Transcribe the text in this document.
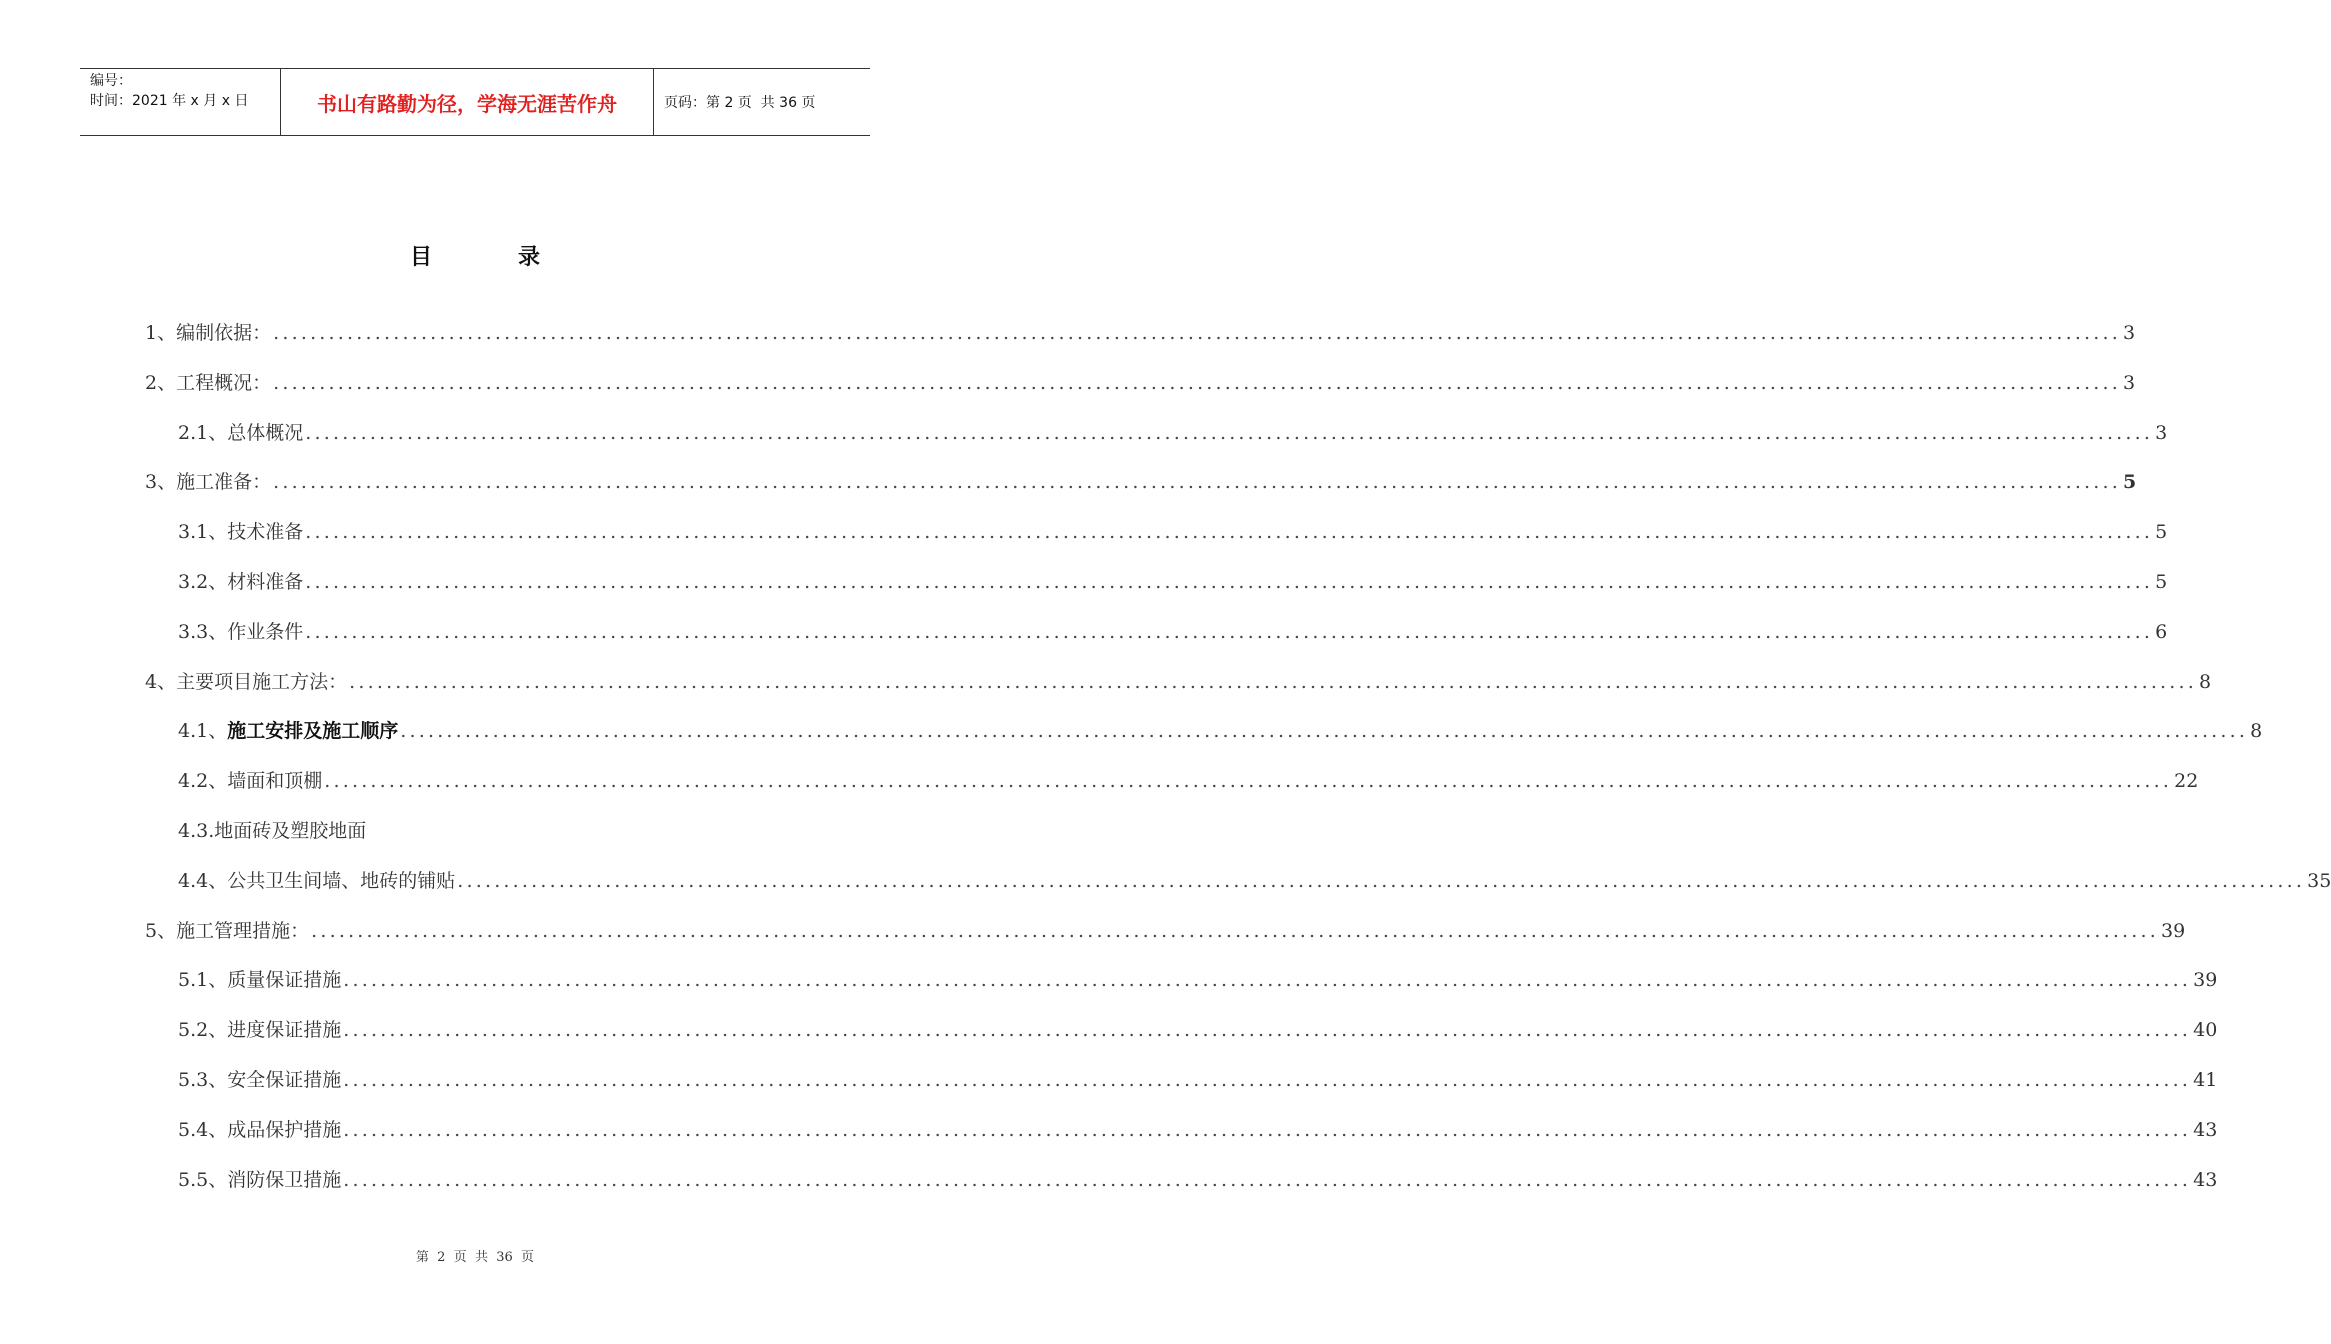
编号：
时间：2021 年 x 月 x 日	书山有路勤为径，学海无涯苦作舟	页码：第 2 页  共 36 页
目	录
1、 编制依据： ........................................................................................................................................................................................................ 3
2、 工程概况： ........................................................................................................................................................................................................ 3
2.1、 总体概况 ........................................................................................................................................................................................................ 3
3、 施工准备： ........................................................................................................................................................................................................ 5
3.1、 技术准备 ........................................................................................................................................................................................................ 5
3.2、 材料准备 ........................................................................................................................................................................................................ 5
3.3、 作业条件 ........................................................................................................................................................................................................ 6
4、 主要项目施工方法： ........................................................................................................................................................................................................ 8
4.1、 施工安排及施工顺序 ........................................................................................................................................................................................................ 8
4.2、 墙面和顶棚 ........................................................................................................................................................................................................ 22
4.3. 地面砖及塑胶地面
4.4、 公共卫生间墙、地砖的铺贴 ........................................................................................................................................................................................................ 35
5、 施工管理措施： ........................................................................................................................................................................................................ 39
5.1、 质量保证措施 ........................................................................................................................................................................................................ 39
5.2、 进度保证措施 ........................................................................................................................................................................................................ 40
5.3、 安全保证措施 ........................................................................................................................................................................................................ 41
5.4、 成品保护措施 ........................................................................................................................................................................................................ 43
5.5、 消防保卫措施 ........................................................................................................................................................................................................ 43
第  2  页  共  36  页
